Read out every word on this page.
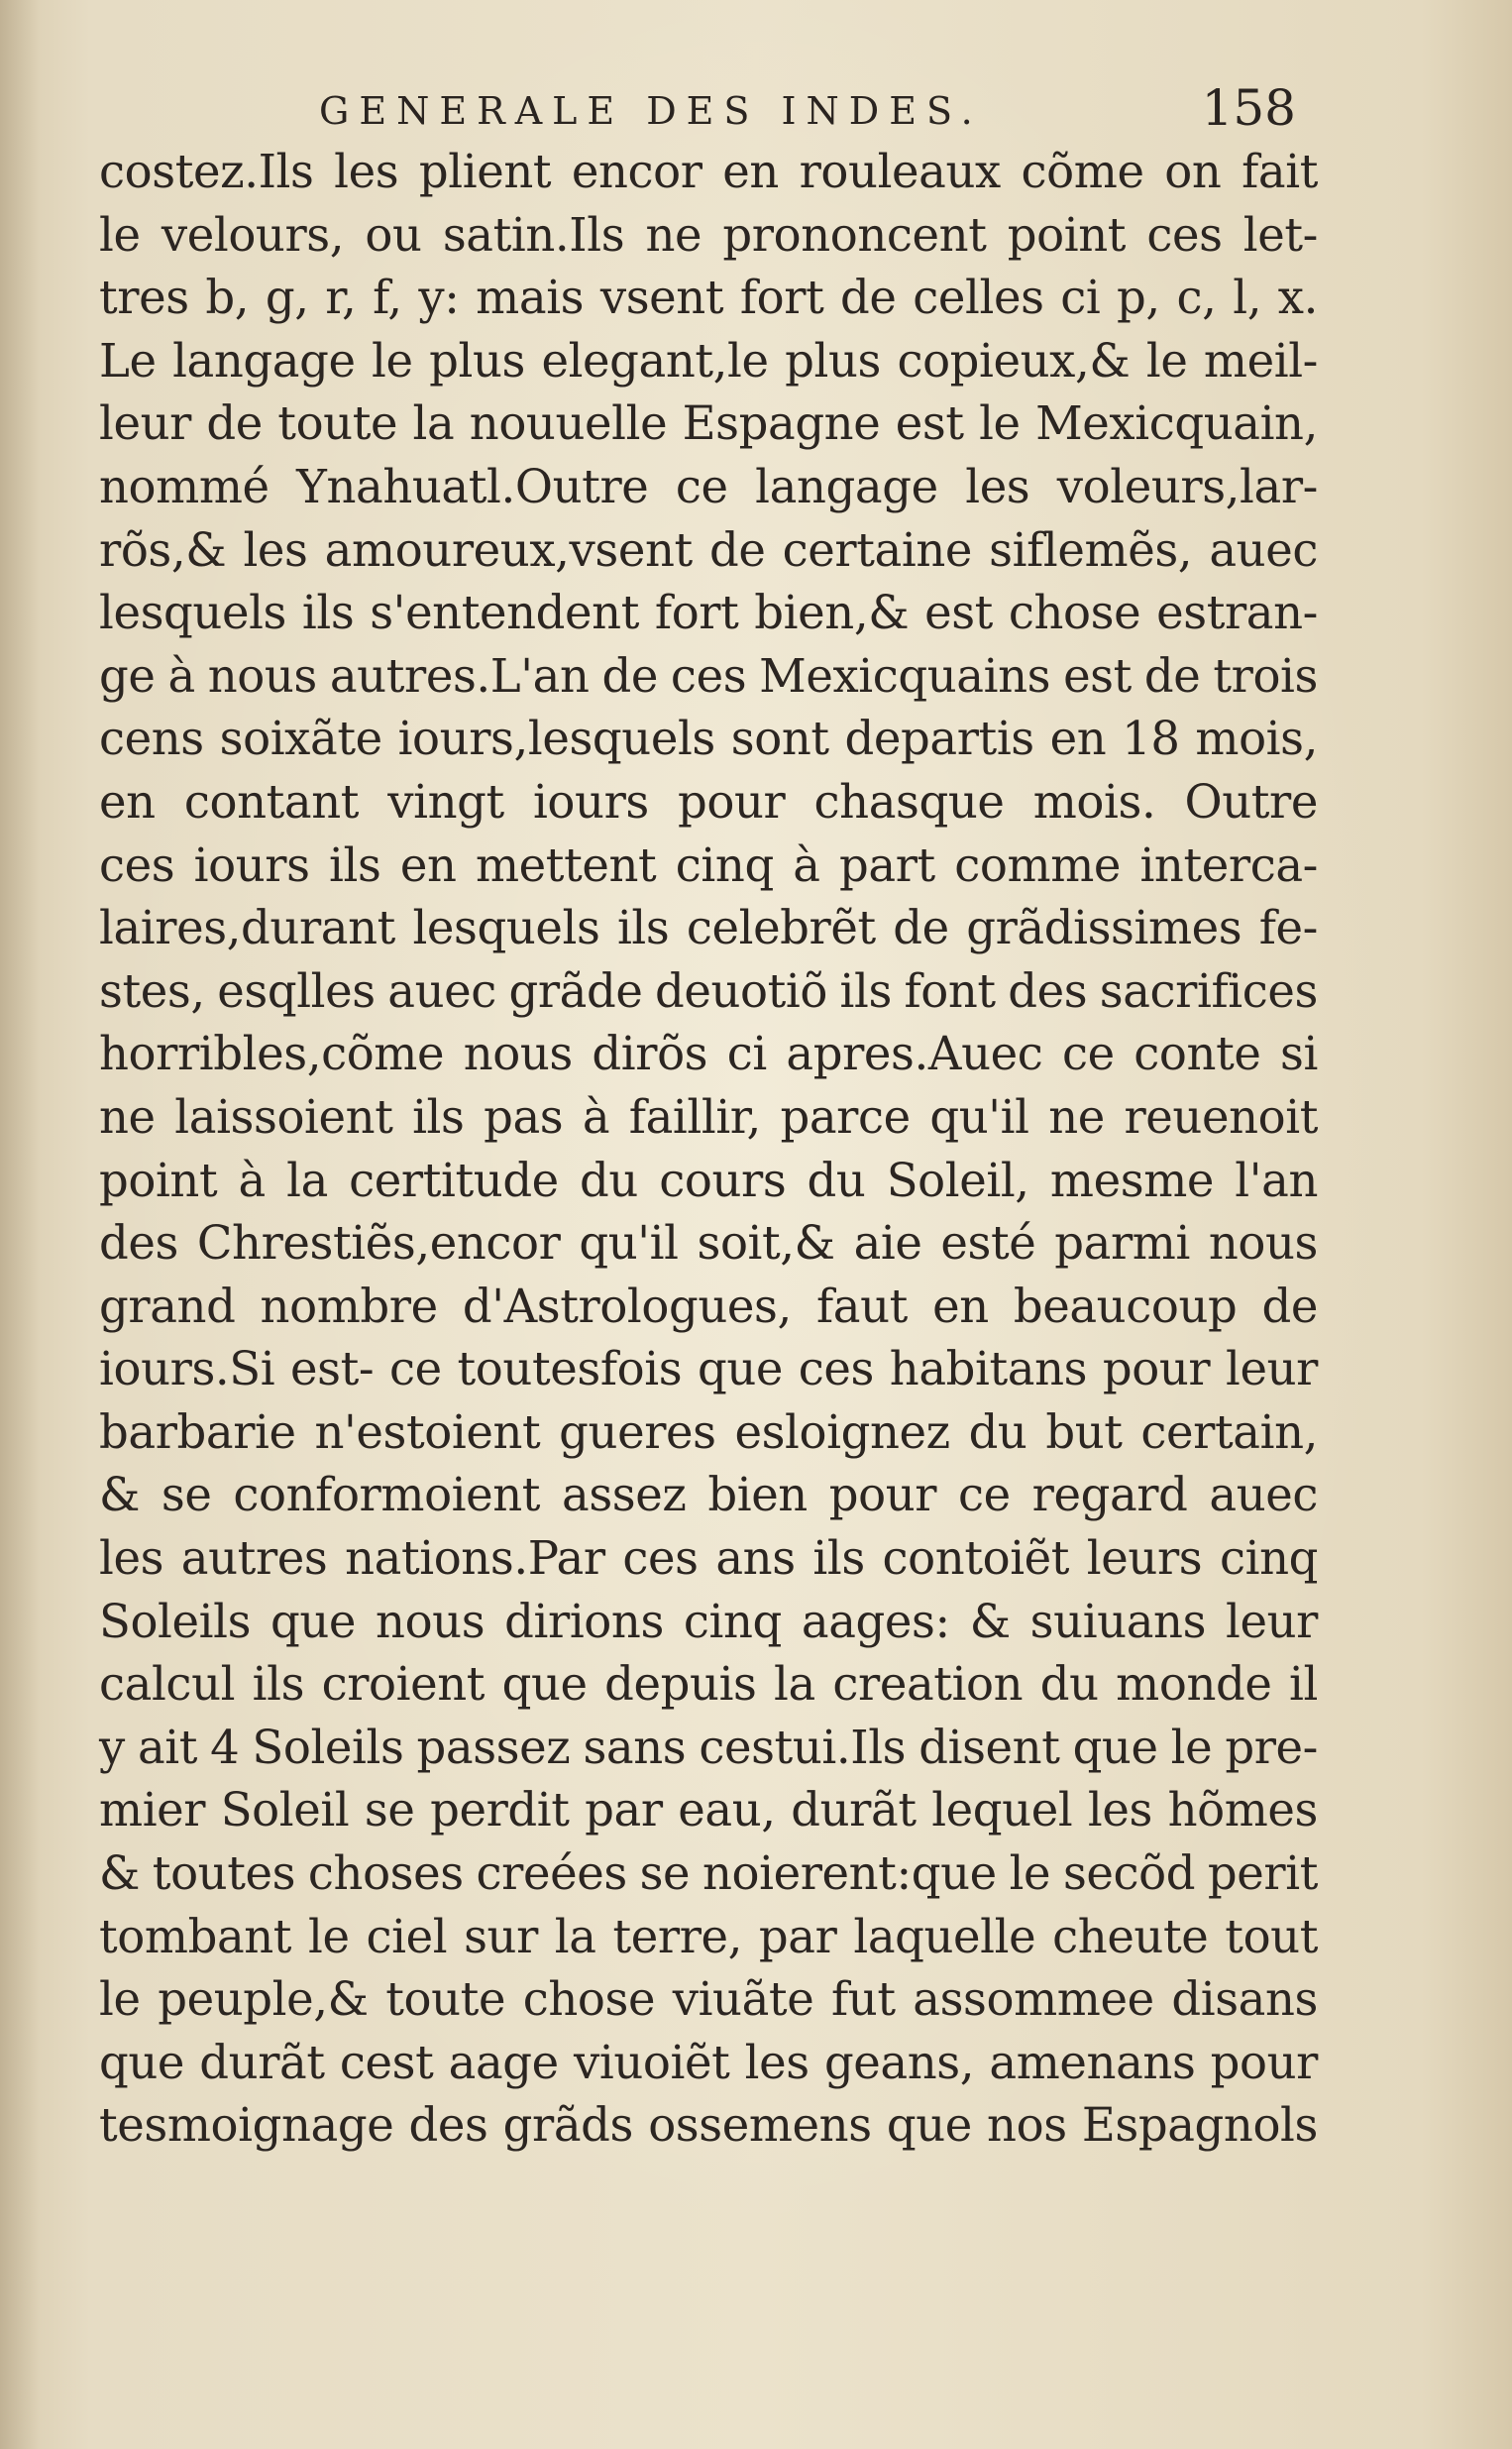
GENERALE DES INDES.	158
costez.Ils les plient encor en rouleaux cõme on fait
le velours, ou satin.Ils ne prononcent point ces let-
tres b, g, r, f, y: mais vsent fort de celles ci p, c, l, x.
Le langage le plus elegant,le plus copieux,& le meil-
leur de toute la nouuelle Espagne est le Mexicquain,
nommé Ynahuatl.Outre ce langage les voleurs,lar-
rõs,& les amoureux,vsent de certaine siflemẽs, auec
lesquels ils s'entendent fort bien,& est chose estran-
ge à nous autres.L'an de ces Mexicquains est de trois
cens soixãte iours,lesquels sont departis en 18 mois,
en contant vingt iours pour chasque mois. Outre
ces iours ils en mettent cinq à part comme interca-
laires,durant lesquels ils celebrẽt de grãdissimes fe-
stes, esqlles auec grãde deuotiõ ils font des sacrifices
horribles,cõme nous dirõs ci apres.Auec ce conte si
ne laissoient ils pas à faillir, parce qu'il ne reuenoit
point à la certitude du cours du Soleil, mesme l'an
des Chrestiẽs,encor qu'il soit,& aie esté parmi nous
grand nombre d'Astrologues, faut en beaucoup de
iours.Si est- ce toutesfois que ces habitans pour leur
barbarie n'estoient gueres esloignez du but certain,
& se conformoient assez bien pour ce regard auec
les autres nations.Par ces ans ils contoiẽt leurs cinq
Soleils que nous dirions cinq aages: & suiuans leur
calcul ils croient que depuis la creation du monde il
y ait 4 Soleils passez sans cestui.Ils disent que le pre-
mier Soleil se perdit par eau, durãt lequel les hõmes
& toutes choses creées se noierent:que le secõd perit
tombant le ciel sur la terre, par laquelle cheute tout
le peuple,& toute chose viuãte fut assommee disans
que durãt cest aage viuoiẽt les geans, amenans pour
tesmoignage des grãds ossemens que nos Espagnols
